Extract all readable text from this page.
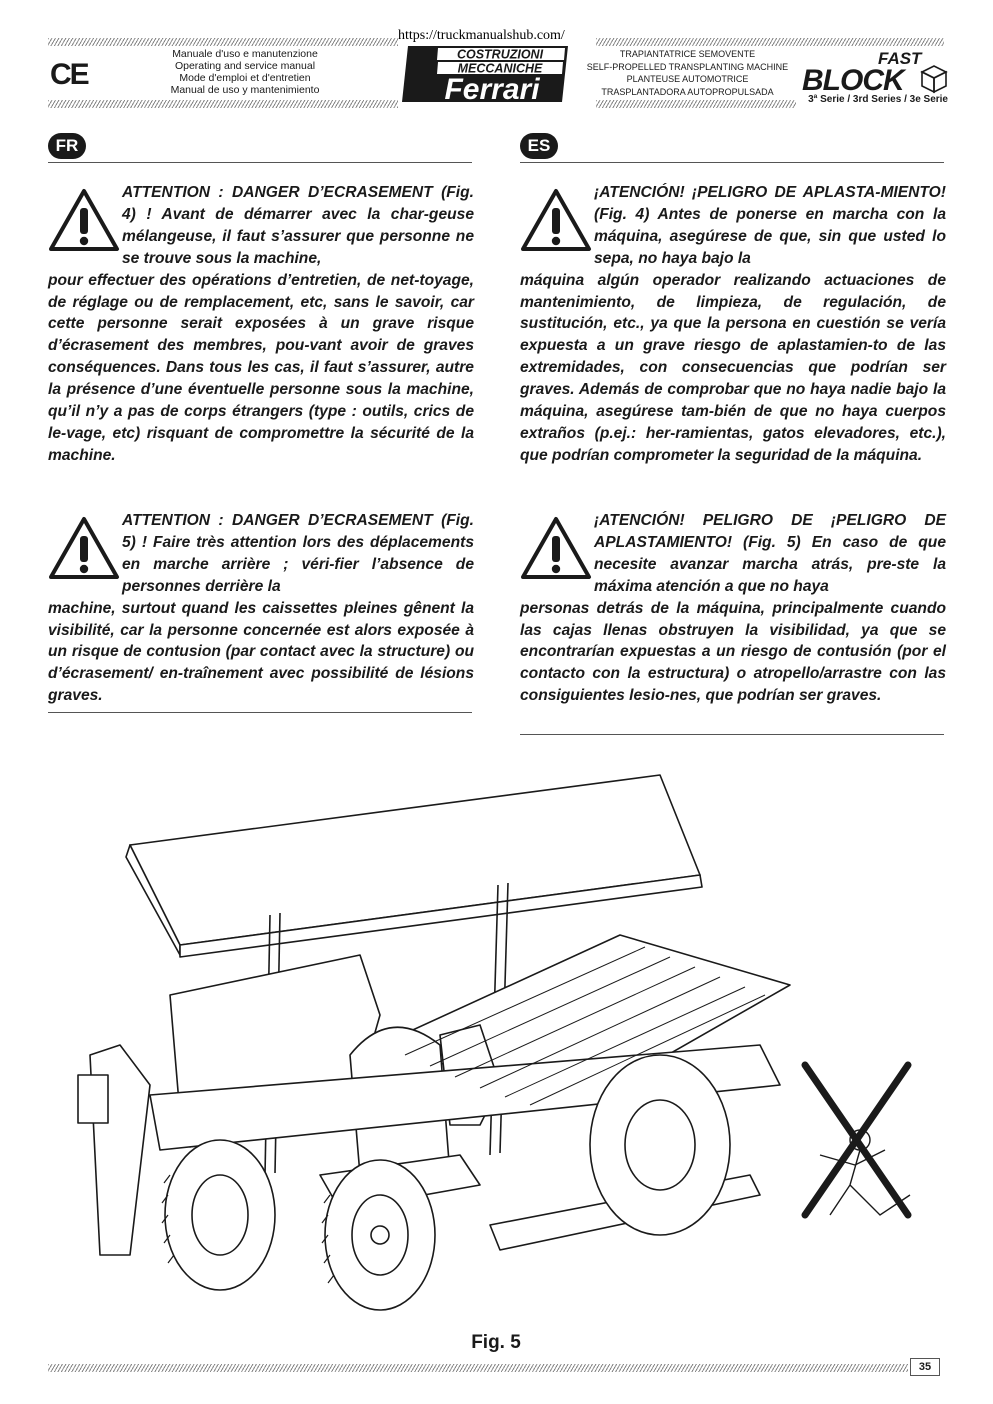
https://truckmanualshub.com/
CE
Manuale d'uso e manutenzione
Operating and service manual
Mode d'emploi et d'entretien
Manual de uso y mantenimiento
COSTRUZIONI
MECCANICHE
Ferrari
TRAPIANTATRICE SEMOVENTE
SELF-PROPELLED TRANSPLANTING MACHINE
PLANTEUSE AUTOMOTRICE
TRASPLANTADORA AUTOPROPULSADA
FAST
BLOCK
3ª Serie / 3rd Series / 3e Serie
FR

ATTENTION : DANGER D’ECRASEMENT (Fig. 4) ! Avant de démarrer avec la char-geuse mélangeuse, il faut s’assurer que personne ne se trouve sous la machine,

pour effectuer des opérations d’entretien, de net-toyage, de réglage ou de remplacement, etc, sans le savoir, car cette personne serait exposées à un grave risque d’écrasement des membres, pou-vant avoir de graves conséquences. Dans tous les cas, il faut s’assurer, autre la présence d’une éventuelle personne sous la machine, qu’il n’y a pas de corps étrangers (type : outils, crics de le-vage, etc) risquant de compromettre la sécurité de la machine.

ATTENTION : DANGER D’ECRASEMENT (Fig. 5) ! Faire très attention lors des déplacements en marche arrière ; véri-fier l’absence de personnes derrière la

machine, surtout quand les caissettes pleines gênent la visibilité, car la personne concernée est alors exposée à un risque de contusion (par contact avec la structure) ou d’écrasement/ en-traînement avec possibilité de lésions graves.

ES

¡ATENCIÓN! ¡PELIGRO DE APLASTA-MIENTO! (Fig. 4) Antes de ponerse en marcha con la máquina, asegúrese de que, sin que usted lo sepa, no haya bajo la

máquina algún operador realizando actuaciones de mantenimiento, de limpieza, de regulación, de sustitución, etc., ya que la persona en cuestión se vería expuesta a un grave riesgo de aplastamien-to de las extremidades, con consecuencias que podrían ser graves. Además de comprobar que no haya nadie bajo la máquina, asegúrese tam-bién de que no haya cuerpos extraños (p.ej.: her-ramientas, gatos elevadores, etc.), que podrían comprometer la seguridad de la máquina.

¡ATENCIÓN! PELIGRO DE ¡PELIGRO DE APLASTAMIENTO! (Fig. 5) En caso de que necesite avanzar marcha atrás, pre-ste la máxima atención a que no haya

personas detrás de la máquina, principalmente cuando las cajas llenas obstruyen la visibilidad, ya que se encontrarían expuestas a un riesgo de contusión (por el contacto con la estructura) o atropello/arrastre con las consiguientes lesio-nes, que podrían ser graves.

Fig. 5
35
